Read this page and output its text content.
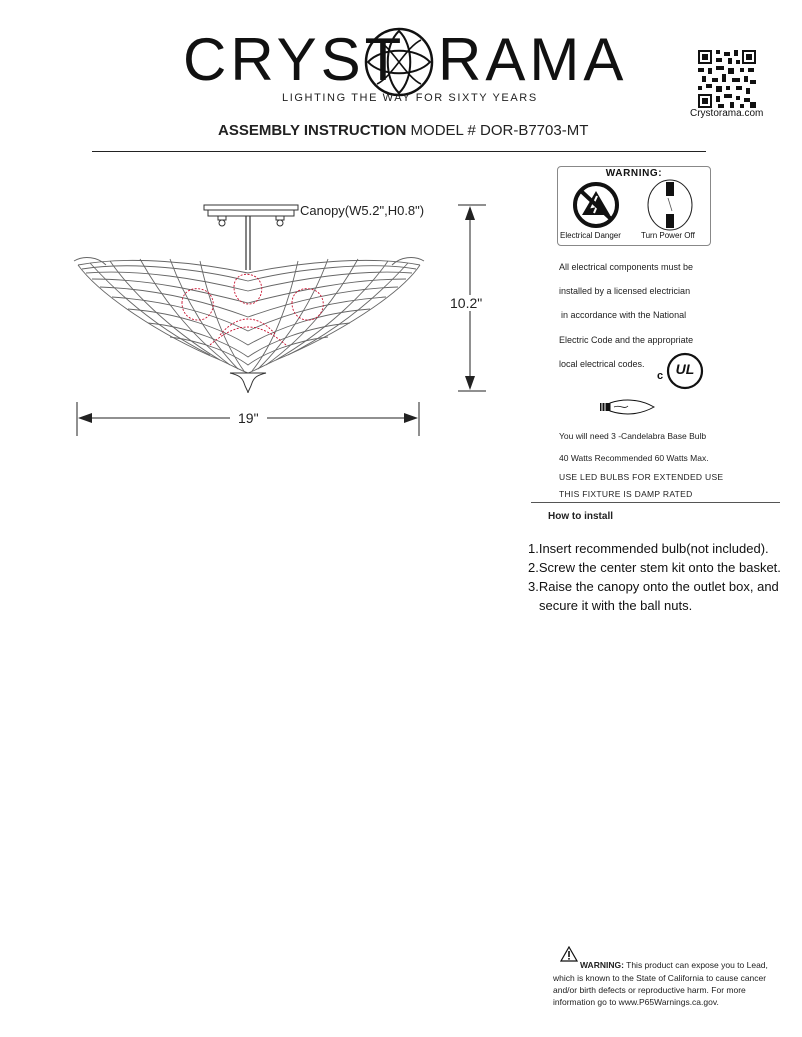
CRYST RAMA
LIGHTING THE WAY FOR SIXTY YEARS
Crystorama.com
ASSEMBLY INSTRUCTION MODEL # DOR-B7703-MT
Canopy(W5.2",H0.8")
10.2"
19"
WARNING:
Electrical Danger	Turn Power Off
All electrical components must be
installed by a licensed electrician
in accordance with the National
Electric Code and the appropriate
local electrical codes.
c UL
You will need 3 -Candelabra Base Bulb
40 Watts Recommended 60 Watts Max.
USE LED BULBS FOR EXTENDED USE
THIS FIXTURE IS DAMP RATED
How to install
1.Insert recommended bulb(not included).
2.Screw the center stem kit onto the basket.
3.Raise the canopy onto the outlet box, and
secure it with the ball nuts.
WARNING: This product can expose you to Lead,
which is known to the State of California to cause cancer
and/or birth defects or reproductive harm. For more
information go to www.P65Warnings.ca.gov.
